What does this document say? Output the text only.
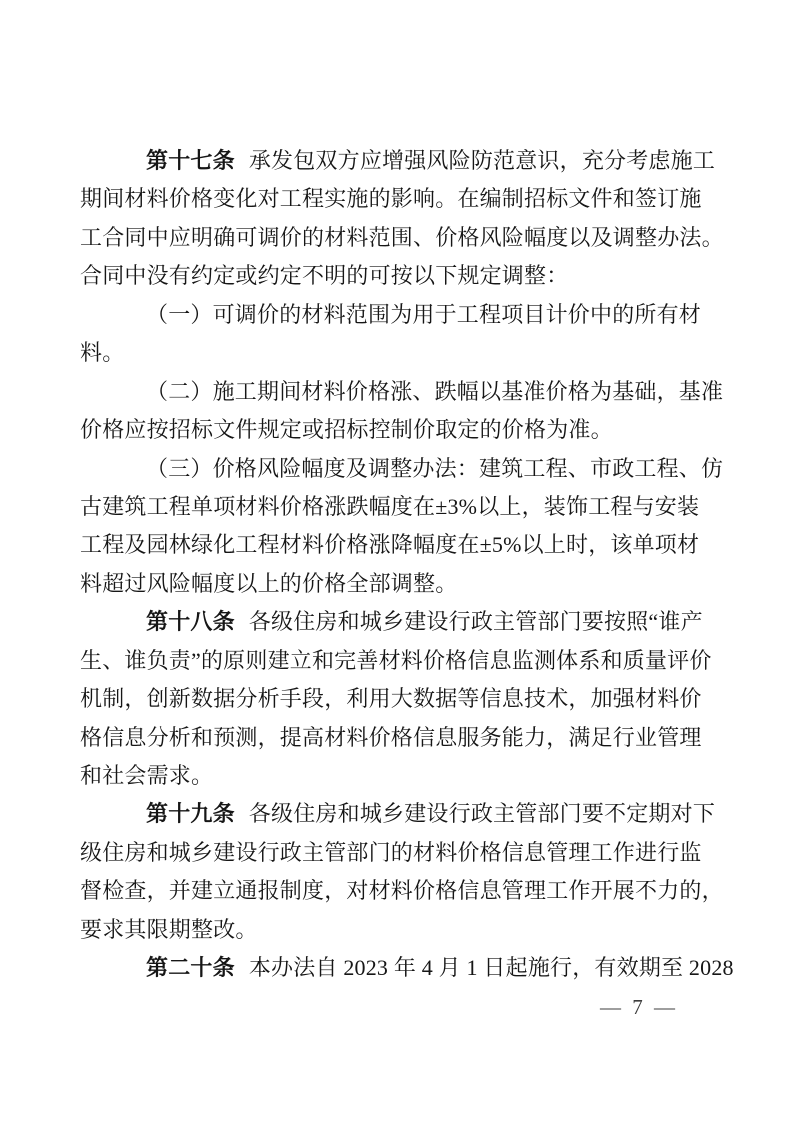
第十七条 承发包双方应增强风险防范意识，充分考虑施工
期间材料价格变化对工程实施的影响。在编制招标文件和签订施
工合同中应明确可调价的材料范围、价格风险幅度以及调整办法。
合同中没有约定或约定不明的可按以下规定调整：
（一）可调价的材料范围为用于工程项目计价中的所有材
料。
（二）施工期间材料价格涨、跌幅以基准价格为基础，基准
价格应按招标文件规定或招标控制价取定的价格为准。
（三）价格风险幅度及调整办法：建筑工程、市政工程、仿
古建筑工程单项材料价格涨跌幅度在±3%以上，装饰工程与安装
工程及园林绿化工程材料价格涨降幅度在±5%以上时，该单项材
料超过风险幅度以上的价格全部调整。
第十八条 各级住房和城乡建设行政主管部门要按照“谁产
生、谁负责”的原则建立和完善材料价格信息监测体系和质量评价
机制，创新数据分析手段，利用大数据等信息技术，加强材料价
格信息分析和预测，提高材料价格信息服务能力，满足行业管理
和社会需求。
第十九条 各级住房和城乡建设行政主管部门要不定期对下
级住房和城乡建设行政主管部门的材料价格信息管理工作进行监
督检查，并建立通报制度，对材料价格信息管理工作开展不力的，
要求其限期整改。
第二十条 本办法自 2023 年 4 月 1 日起施行，有效期至 2028
— 7 —
